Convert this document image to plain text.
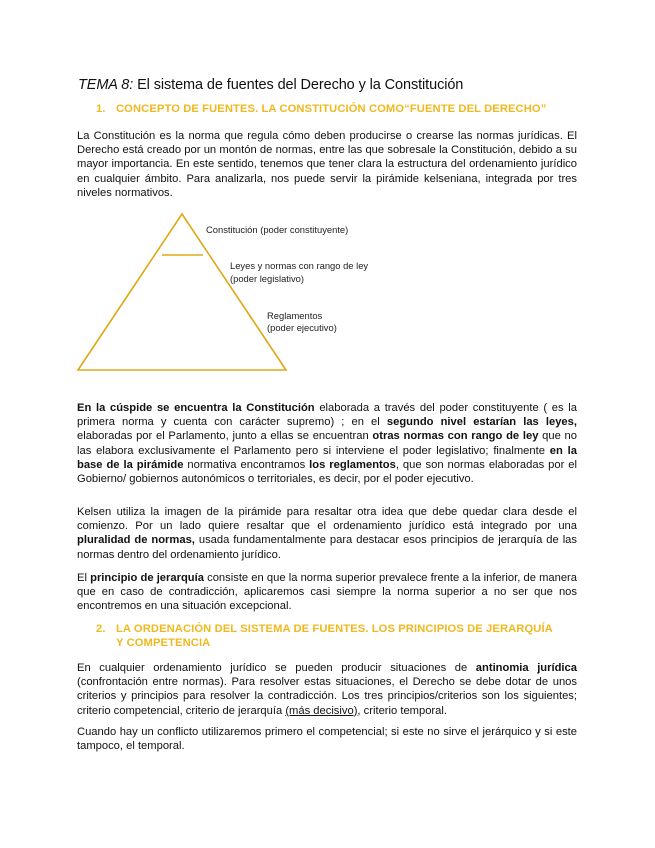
TEMA 8: El sistema de fuentes del Derecho y la Constitución
1. CONCEPTO DE FUENTES. LA CONSTITUCIÓN COMO“FUENTE DEL DERECHO”
La Constitución es la norma que regula cómo deben producirse o crearse las normas jurídicas. El Derecho está creado por un montón de normas, entre las que sobresale la Constitución, debido a su mayor importancia. En este sentido, tenemos que tener clara la estructura del ordenamiento jurídico en cualquier ámbito. Para analizarla, nos puede servir la pirámide kelseniana, integrada por tres niveles normativos.
Constitución (poder constituyente)
Leyes y normas con rango de ley
(poder legislativo)
Reglamentos
(poder ejecutivo)
En la cúspide se encuentra la Constitución elaborada a través del poder constituyente ( es la primera norma y cuenta con carácter supremo) ; en el segundo nivel estarían las leyes, elaboradas por el Parlamento, junto a ellas se encuentran otras normas con rango de ley que no las elabora exclusivamente el Parlamento pero si interviene el poder legislativo; finalmente en la base de la pirámide normativa encontramos los reglamentos, que son normas elaboradas por el Gobierno/ gobiernos autonómicos o territoriales, es decir, por el poder ejecutivo.
Kelsen utiliza la imagen de la pirámide para resaltar otra idea que debe quedar clara desde el comienzo. Por un lado quiere resaltar que el ordenamiento jurídico está integrado por una pluralidad de normas, usada fundamentalmente para destacar esos principios de jerarquía de las normas dentro del ordenamiento jurídico.
El principio de jerarquía consiste en que la norma superior prevalece frente a la inferior, de manera que en caso de contradicción, aplicaremos casi siempre la norma superior a no ser que nos encontremos en una situación excepcional.
2. LA ORDENACIÓN DEL SISTEMA DE FUENTES. LOS PRINCIPIOS DE JERARQUÍA
Y COMPETENCIA
En cualquier ordenamiento jurídico se pueden producir situaciones de antinomia jurídica (confrontación entre normas). Para resolver estas situaciones, el Derecho se debe dotar de unos criterios y principios para resolver la contradicción. Los tres principios/criterios son los siguientes; criterio competencial, criterio de jerarquía (más decisivo), criterio temporal.
Cuando hay un conflicto utilizaremos primero el competencial; si este no sirve el jerárquico y si este tampoco, el temporal.
